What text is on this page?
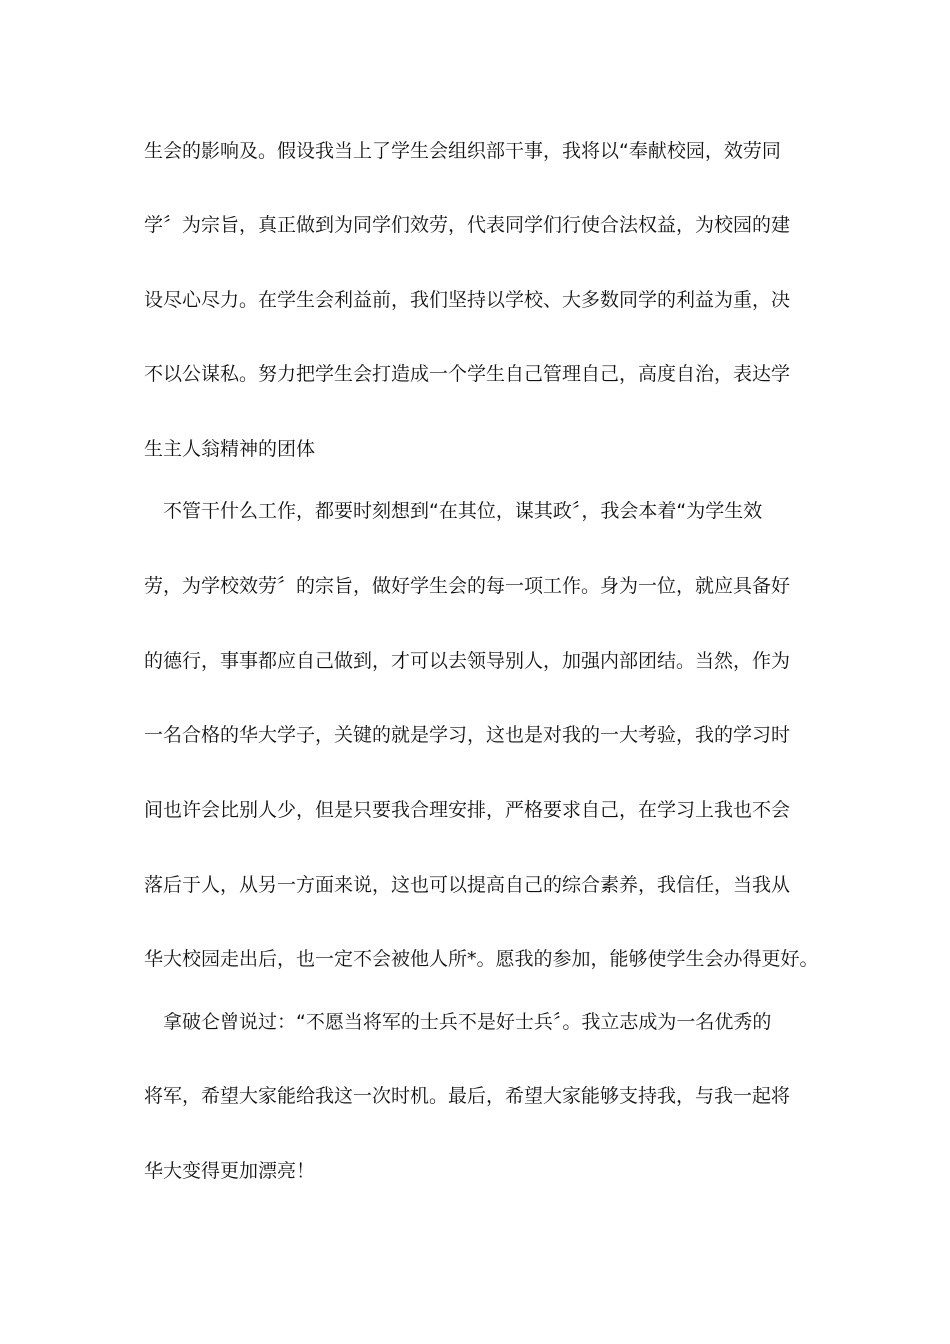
生会的影响及。假设我当上了学生会组织部干事，我将以“奉献校园，效劳同
学〞为宗旨，真正做到为同学们效劳，代表同学们行使合法权益，为校园的建
设尽心尽力。在学生会利益前，我们坚持以学校、大多数同学的利益为重，决
不以公谋私。努力把学生会打造成一个学生自己管理自己，高度自治，表达学
生主人翁精神的团体
不管干什么工作，都要时刻想到“在其位，谋其政〞，我会本着“为学生效
劳，为学校效劳〞的宗旨，做好学生会的每一项工作。身为一位，就应具备好
的德行，事事都应自己做到，才可以去领导别人，加强内部团结。当然，作为
一名合格的华大学子，关键的就是学习，这也是对我的一大考验，我的学习时
间也许会比别人少，但是只要我合理安排，严格要求自己，在学习上我也不会
落后于人，从另一方面来说，这也可以提高自己的综合素养，我信任，当我从
华大校园走出后，也一定不会被他人所*。愿我的参加，能够使学生会办得更好。
拿破仑曾说过：“不愿当将军的士兵不是好士兵〞。我立志成为一名优秀的
将军，希望大家能给我这一次时机。最后，希望大家能够支持我，与我一起将
华大变得更加漂亮！
